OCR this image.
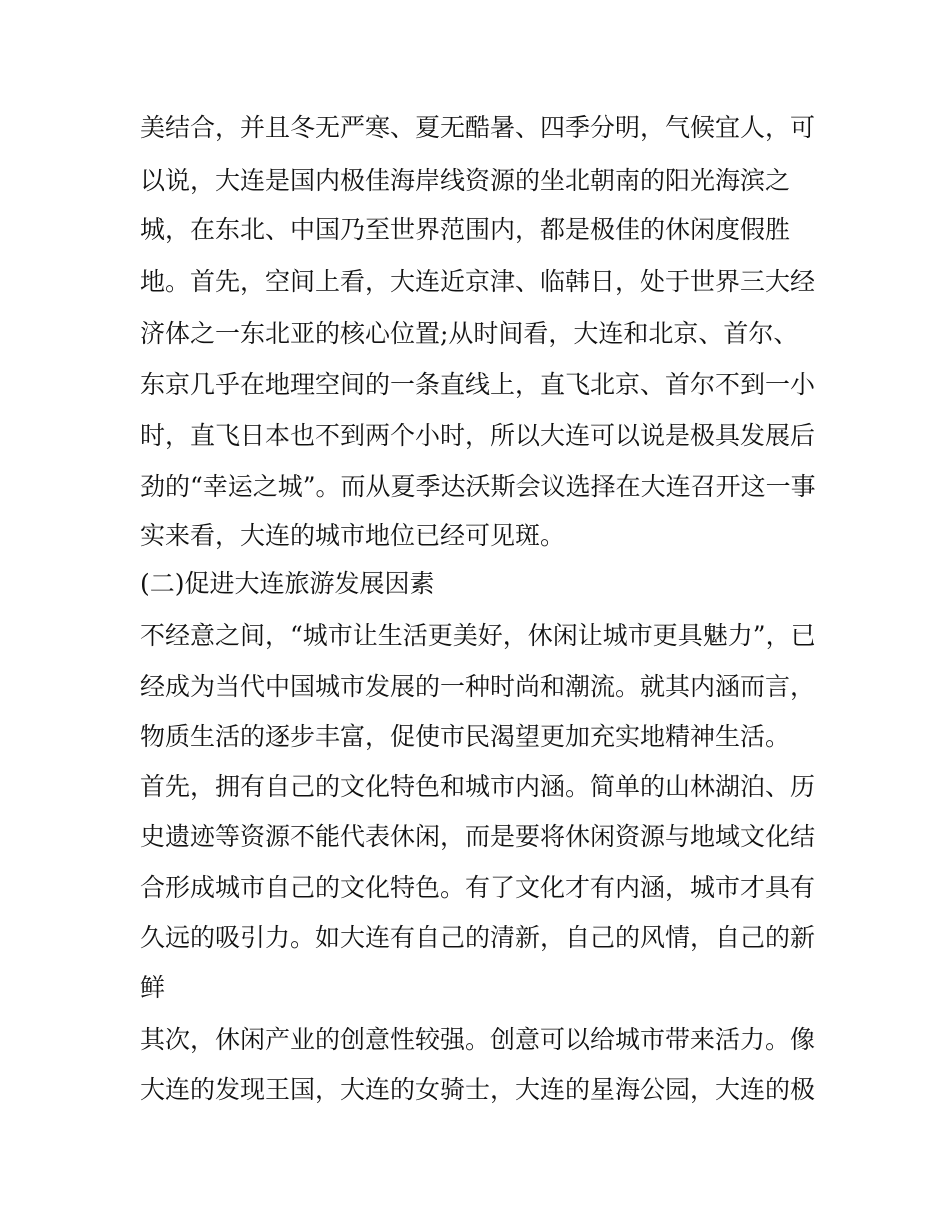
美结合，并且冬无严寒、夏无酷暑、四季分明，气候宜人，可

以说，大连是国内极佳海岸线资源的坐北朝南的阳光海滨之

城，在东北、中国乃至世界范围内，都是极佳的休闲度假胜

地。首先，空间上看，大连近京津、临韩日，处于世界三大经

济体之一东北亚的核心位置;从时间看，大连和北京、首尔、

东京几乎在地理空间的一条直线上，直飞北京、首尔不到一小

时，直飞日本也不到两个小时，所以大连可以说是极具发展后

劲的“幸运之城”。而从夏季达沃斯会议选择在大连召开这一事

实来看，大连的城市地位已经可见斑。

(二)促进大连旅游发展因素

不经意之间，“城市让生活更美好，休闲让城市更具魅力”，已

经成为当代中国城市发展的一种时尚和潮流。就其内涵而言，

物质生活的逐步丰富，促使市民渴望更加充实地精神生活。

首先，拥有自己的文化特色和城市内涵。简单的山林湖泊、历

史遗迹等资源不能代表休闲，而是要将休闲资源与地域文化结

合形成城市自己的文化特色。有了文化才有内涵，城市才具有

久远的吸引力。如大连有自己的清新，自己的风情，自己的新

鲜

其次，休闲产业的创意性较强。创意可以给城市带来活力。像

大连的发现王国，大连的女骑士，大连的星海公园，大连的极
